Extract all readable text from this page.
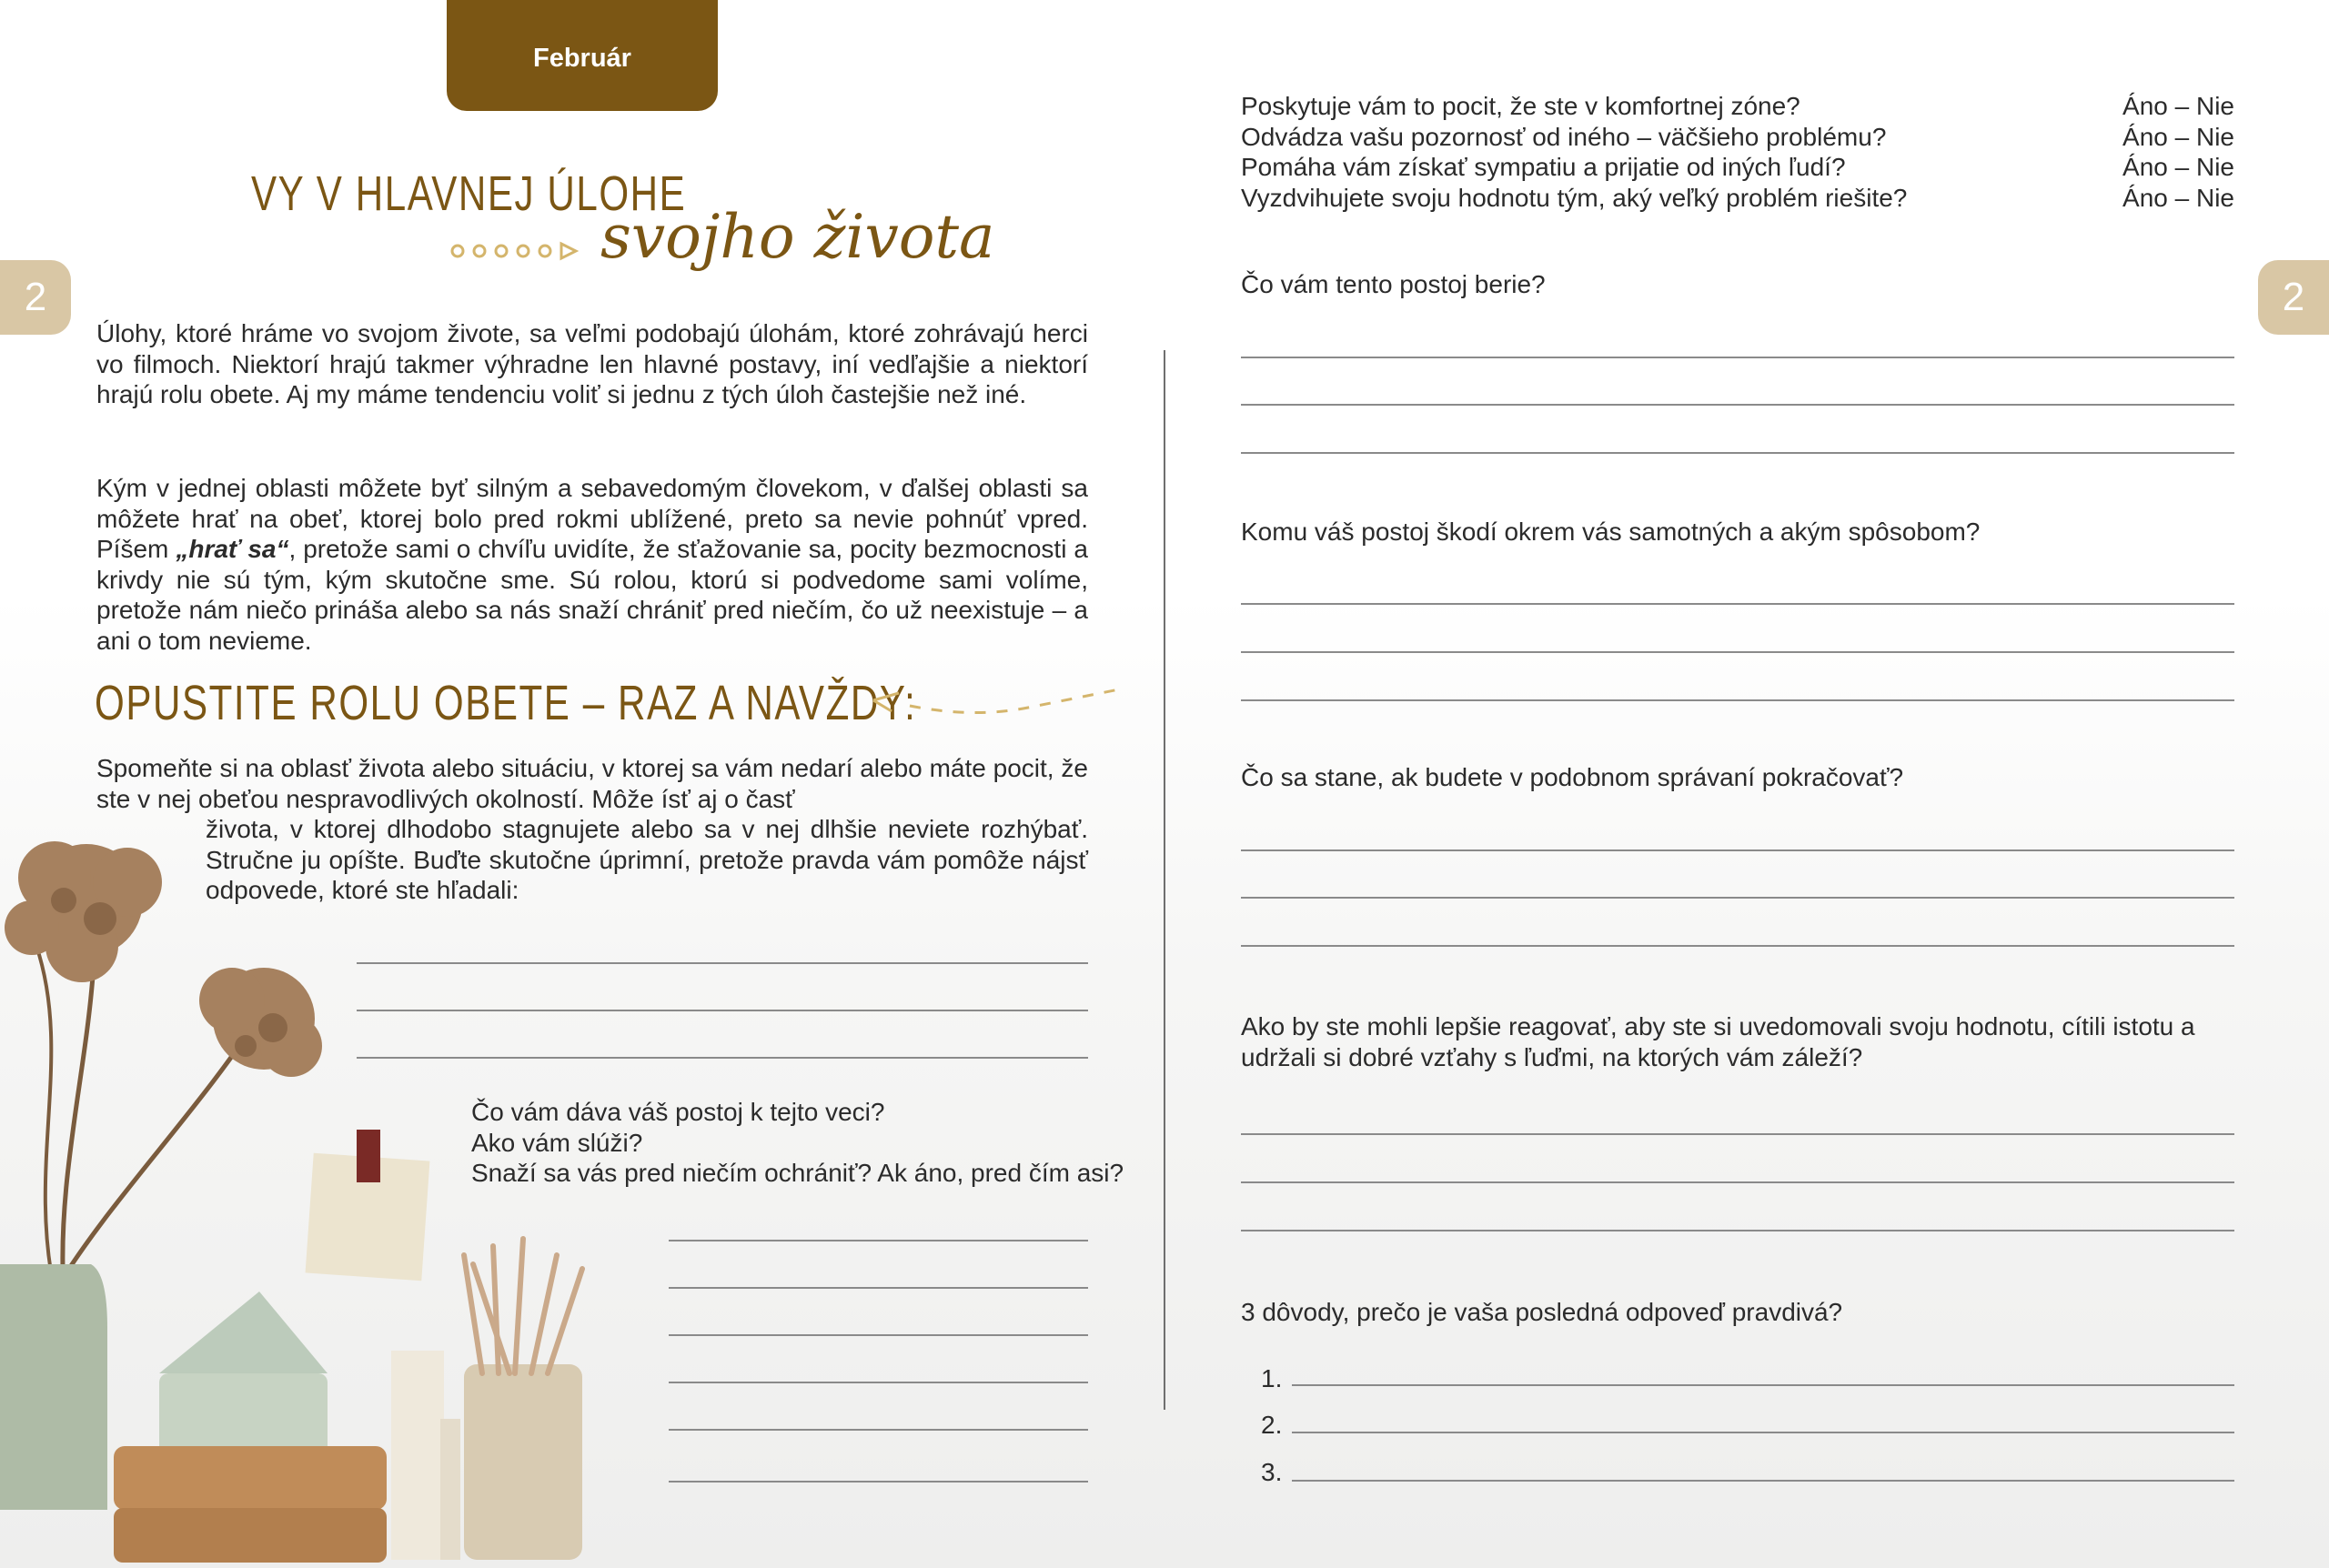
Február
2	2
VY V HLAVNEJ ÚLOHE
svojho života
Úlohy, ktoré hráme vo svojom živote, sa veľmi podobajú úlohám, ktoré zohrávajú herci vo filmoch. Niektorí hrajú takmer výhradne len hlavné postavy, iní vedľajšie a niektorí hrajú rolu obete. Aj my máme tendenciu voliť si jednu z tých úloh častejšie než iné.
Kým v jednej oblasti môžete byť silným a sebavedomým človekom, v ďalšej oblasti sa môžete hrať na obeť, ktorej bolo pred rokmi ublížené, preto sa nevie pohnúť vpred. Píšem „hrať sa“, pretože sami o chvíľu uvidíte, že sťažovanie sa, pocity bezmocnosti a krivdy nie sú tým, kým skutočne sme. Sú rolou, ktorú si podvedome sami volíme, pretože nám niečo prináša alebo sa nás snaží chrániť pred niečím, čo už neexistuje – a ani o tom nevieme.
OPUSTITE ROLU OBETE – RAZ A NAVŽDY:
Spomeňte si na oblasť života alebo situáciu, v ktorej sa vám nedarí alebo máte pocit, že ste v nej obeťou nespravodlivých okolností. Môže ísť aj o časť
života, v ktorej dlhodobo stagnujete alebo sa v nej dlhšie neviete rozhýbať. Stručne ju opíšte. Buďte skutočne úprimní, pretože pravda vám pomôže nájsť odpovede, ktoré ste hľadali:
Čo vám dáva váš postoj k tejto veci?
Ako vám slúži?
Snaží sa vás pred niečím ochrániť? Ak áno, pred čím asi?
Poskytuje vám to pocit, že ste v komfortnej zóne?	Áno – Nie
Odvádza vašu pozornosť od iného – väčšieho problému?	Áno – Nie
Pomáha vám získať sympatiu a prijatie od iných ľudí?	Áno – Nie
Vyzdvihujete svoju hodnotu tým, aký veľký problém riešite?	Áno – Nie
Čo vám tento postoj berie?
Komu váš postoj škodí okrem vás samotných a akým spôsobom?
Čo sa stane, ak budete v podobnom správaní pokračovať?
Ako by ste mohli lepšie reagovať, aby ste si uvedomovali svoju hodnotu, cítili istotu a udržali si dobré vzťahy s ľuďmi, na ktorých vám záleží?
3 dôvody, prečo je vaša posledná odpoveď pravdivá?
1.
2.
3.
